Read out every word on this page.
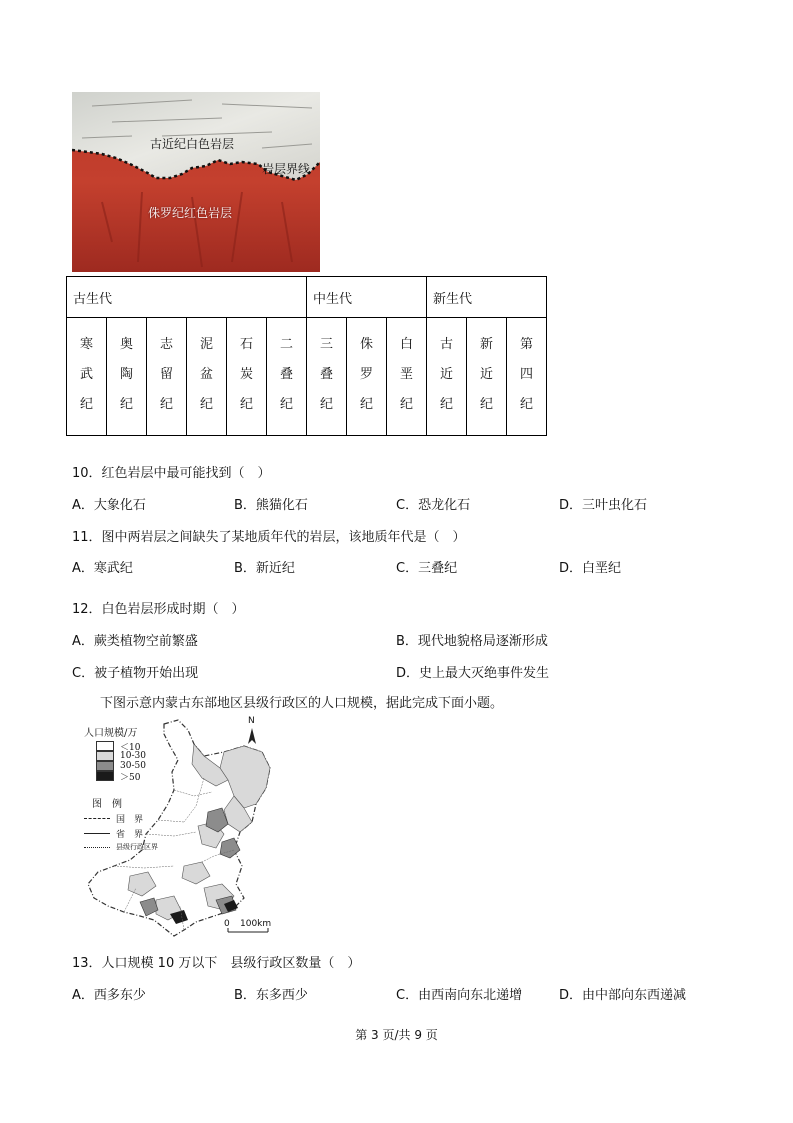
古近纪白色岩层
岩层界线
侏罗纪红色岩层
古生代						中生代			新生代		
寒武纪	奥陶纪	志留纪	泥盆纪	石炭纪	二叠纪	三叠纪	侏罗纪	白垩纪	古近纪	新近纪	第四纪
10．红色岩层中最可能找到（　）
A．大象化石	B．熊猫化石	C．恐龙化石	D．三叶虫化石
11．图中两岩层之间缺失了某地质年代的岩层，该地质年代是（　）
A．寒武纪	B．新近纪	C．三叠纪	D．白垩纪
12．白色岩层形成时期（　）
A．蕨类植物空前繁盛	B．现代地貌格局逐渐形成
C．被子植物开始出现	D．史上最大灭绝事件发生
下图示意内蒙古东部地区县级行政区的人口规模，据此完成下面小题。
人口规模/万
＜10
10-30
30-50
＞50
图　例
国　界
省　界
县级行政区界
N
0 100km
13．人口规模 10 万以下　县级行政区数量（　）
A．西多东少	B．东多西少	C．由西南向东北递增	D．由中部向东西递减
第 3 页/共 9 页
